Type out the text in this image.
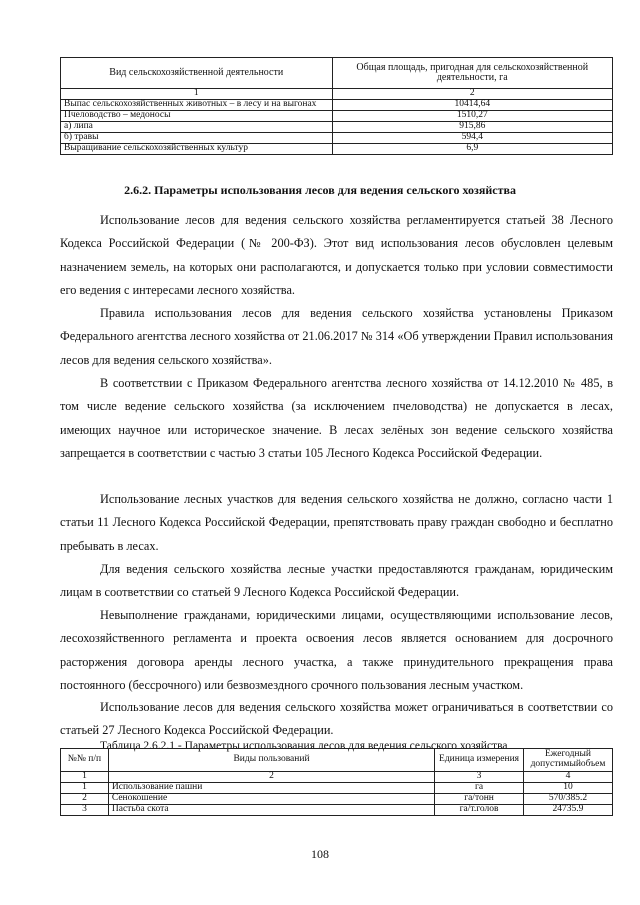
Вид сельскохозяйственной деятельности	Общая площадь, пригодная для сельскохозяйственной деятельности, га
1	2
Выпас сельскохозяйственных животных – в лесу и на выгонах	10414,64
Пчеловодство – медоносы	1510,27
а) липа	915,86
б) травы	594,4
Выращивание сельскохозяйственных культур	6,9
2.6.2. Параметры использования лесов для ведения сельского хозяйства

Использование лесов для ведения сельского хозяйства регламентируется статьей 38 Лесного Кодекса Российской Федерации (№ 200-ФЗ). Этот вид использования лесов обусловлен целевым назначением земель, на которых они располагаются, и допускается только при условии совместимости его ведения с интересами лесного хозяйства.

Правила использования лесов для ведения сельского хозяйства установлены Приказом Федерального агентства лесного хозяйства от 21.06.2017 № 314 «Об утверждении Правил использования лесов для ведения сельского хозяйства».

В соответствии с Приказом Федерального агентства лесного хозяйства от 14.12.2010 № 485, в том числе ведение сельского хозяйства (за исключением пчеловодства) не допускается в лесах, имеющих научное или историческое значение. В лесах зелёных зон ведение сельского хозяйства запрещается в соответствии с частью 3 статьи 105 Лесного Кодекса Российской Федерации.

Использование лесных участков для ведения сельского хозяйства не должно, согласно части 1 статьи 11 Лесного Кодекса Российской Федерации, препятствовать праву граждан свободно и бесплатно пребывать в лесах.

Для ведения сельского хозяйства лесные участки предоставляются гражданам, юридическим лицам в соответствии со статьей 9 Лесного Кодекса Российской Федерации.

Невыполнение гражданами, юридическими лицами, осуществляющими использование лесов, лесохозяйственного регламента и проекта освоения лесов является основанием для досрочного расторжения договора аренды лесного участка, а также принудительного прекращения права постоянного (бессрочного) или безвозмездного срочного пользования лесным участком.

Использование лесов для ведения сельского хозяйства может ограничиваться в соответствии со статьей 27 Лесного Кодекса Российской Федерации.

Таблица 2.6.2.1 - Параметры использования лесов для ведения сельского хозяйства

№№ п/п	Виды пользований	Единица измерения	Ежегодный допустимыйобъем
1	2	3	4
1	Использование пашни	га	10
2	Сенокошение	га/тонн	570/385.2
3	Пастьба скота	га/т.голов	24735.9

108
